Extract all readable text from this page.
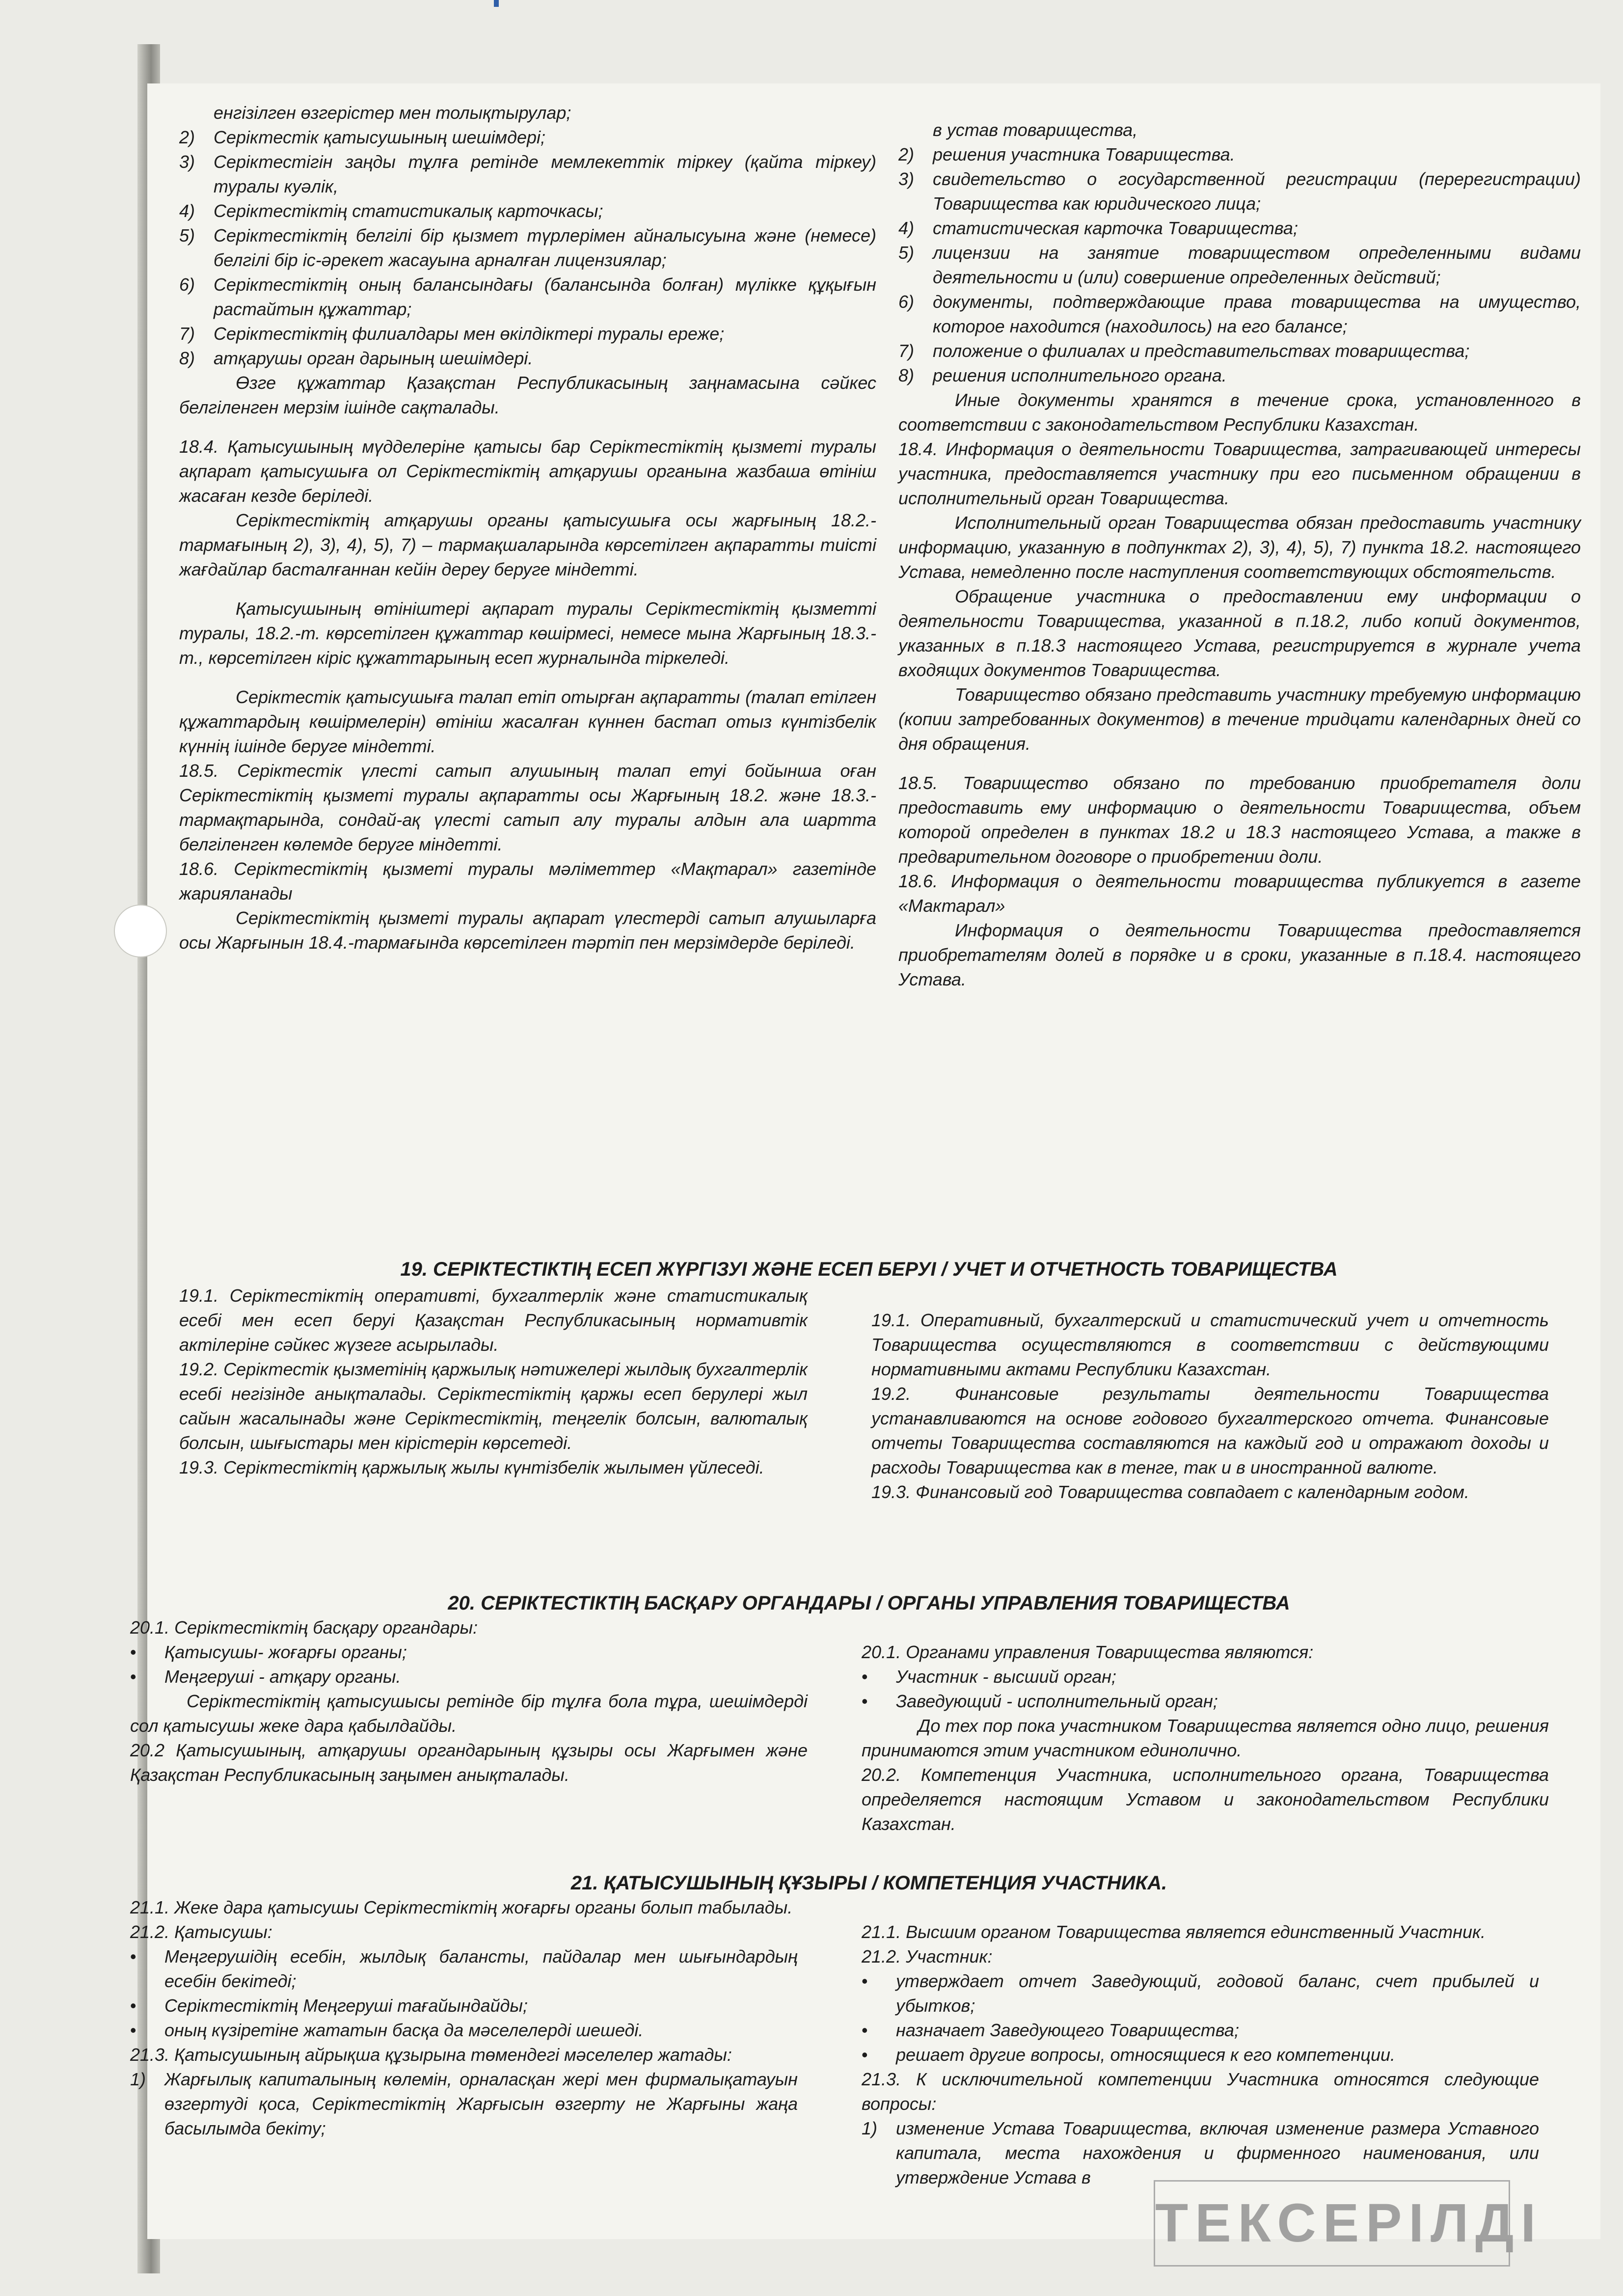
енгізілген өзгерістер мен толықтырулар;
2)	Серіктестік қатысушының шешімдері;
3)	Серіктестігін заңды тұлға ретінде мемлекеттік тіркеу (қайта тіркеу) туралы куәлік,
4)	Серіктестіктің статистикалық карточкасы;
5)	Серіктестіктің белгілі бір қызмет түрлерімен айналысуына және (немесе) белгілі бір іс-әрекет жасауына арналған лицензиялар;
6)	Серіктестіктің оның балансындағы (балансында болған) мүлікке құқығын растайтын құжаттар;
7)	Серіктестіктің филиалдары мен өкілдіктері туралы ереже;
8)	атқарушы орган дарының шешімдері.

Өзге құжаттар Қазақстан Республикасының заңнамасына сәйкес белгіленген мерзім ішінде сақталады.

18.4. Қатысушының мүдделеріне қатысы бар Серіктестіктің қызметі туралы ақпарат қатысушыға ол Серіктестіктің атқарушы органына жазбаша өтініш жасаған кезде беріледі.

Серіктестіктің атқарушы органы қатысушыға осы жарғының 18.2.- тармағының 2), 3), 4), 5), 7) – тармақшаларында көрсетілген ақпаратты тиісті жағдайлар басталғаннан кейін дереу беруге міндетті.

Қатысушының өтініштері ақпарат туралы Серіктестіктің қызметті туралы, 18.2.-т. көрсетілген құжаттар көшірмесі, немесе мына Жарғының 18.3.-т., көрсетілген кіріс құжаттарының есеп журналында тіркеледі.

Серіктестік қатысушыға талап етіп отырған ақпаратты (талап етілген құжаттардың көшірмелерін) өтініш жасалған күннен бастап отыз күнтізбелік күннің ішінде беруге міндетті.

18.5. Серіктестік үлесті сатып алушының талап етуі бойынша оған Серіктестіктің қызметі туралы ақпаратты осы Жарғының 18.2. және 18.3.-тармақтарында, сондай-ақ үлесті сатып алу туралы алдын ала шартта белгіленген көлемде беруге міндетті.

18.6. Серіктестіктің қызметі туралы мәліметтер «Мақтарал» газетінде жарияланады

Серіктестіктің қызметі туралы ақпарат үлестерді сатып алушыларға осы Жарғынын 18.4.-тармағында көрсетілген тәртіп пен мерзімдерде беріледі.

в устав товарищества,
2)	решения участника Товарищества.
3)	свидетельство о государственной регистрации (перерегистрации) Товарищества как юридического лица;
4)	статистическая карточка Товарищества;
5)	лицензии на занятие товариществом определенными видами деятельности и (или) совершение определенных действий;
6)	документы, подтверждающие права товарищества на имущество, которое находится (находилось) на его балансе;
7)	положение о филиалах и представительствах товарищества;
8)	решения исполнительного органа.

Иные документы хранятся в течение срока, установленного в соответствии с законодательством Республики Казахстан.

18.4. Информация о деятельности Товарищества, затрагивающей интересы участника, предоставляется участнику при его письменном обращении в исполнительный орган Товарищества.

Исполнительный орган Товарищества обязан предоставить участнику информацию, указанную в подпунктах 2), 3), 4), 5), 7) пункта 18.2. настоящего Устава, немедленно после наступления соответствующих обстоятельств.

Обращение участника о предоставлении ему информации о деятельности Товарищества, указанной в п.18.2, либо копий документов, указанных в п.18.3 настоящего Устава, регистрируется в журнале учета входящих документов Товарищества.

Товарищество обязано представить участнику требуемую информацию (копии затребованных документов) в течение тридцати календарных дней со дня обращения.

18.5. Товарищество обязано по требованию приобретателя доли предоставить ему информацию о деятельности Товарищества, объем которой определен в пунктах 18.2 и 18.3 настоящего Устава, а также в предварительном договоре о приобретении доли.

18.6. Информация о деятельности товарищества публикуется в газете «Мактарал»

Информация о деятельности Товарищества предоставляется приобретателям долей в порядке и в сроки, указанные в п.18.4. настоящего Устава.

19. СЕРІКТЕСТІКТІҢ ЕСЕП ЖҮРГІЗУІ ЖӘНЕ ЕСЕП БЕРУІ / УЧЕТ И ОТЧЕТНОСТЬ ТОВАРИЩЕСТВА

19.1. Серіктестіктің оперативті, бухгалтерлік және статистикалық есебі мен есеп беруі Қазақстан Республикасының нормативтік актілеріне сәйкес жүзеге асырылады.

19.2. Серіктестік қызметінің қаржылық нәтижелері жылдық бухгалтерлік есебі негізінде анықталады. Серіктестіктің қаржы есеп берулері жыл сайын жасалынады және Серіктестіктің, теңгелік болсын, валюталық болсын, шығыстары мен кірістерін көрсетеді.

19.3. Серіктестіктің қаржылық жылы күнтізбелік жылымен үйлеседі.

19.1. Оперативный, бухгалтерский и статистический учет и отчетность Товарищества осуществляются в соответствии с действующими нормативными актами Республики Казахстан.

19.2. Финансовые результаты деятельности Товарищества устанавливаются на основе годового бухгалтерского отчета. Финансовые отчеты Товарищества составляются на каждый год и отражают доходы и расходы Товарищества как в тенге, так и в иностранной валюте.

19.3. Финансовый год Товарищества совпадает с календарным годом.

20. СЕРІКТЕСТІКТІҢ БАСҚАРУ ОРГАНДАРЫ / ОРГАНЫ УПРАВЛЕНИЯ ТОВАРИЩЕСТВА

20.1. Серіктестіктің басқару органдары:

•	Қатысушы- жоғарғы органы;
•	Меңгеруші - атқару органы.

Серіктестіктің қатысушысы ретінде бір тұлға бола тұра, шешімдерді сол қатысушы жеке дара қабылдайды.

20.2 Қатысушының, атқарушы органдарының құзыры осы Жарғымен және Қазақстан Республикасының заңымен анықталады.

20.1. Органами управления Товарищества являются:

•	Участник - высший орган;
•	Заведующий - исполнительный орган;

До тех пор пока участником Товарищества является одно лицо, решения принимаются этим участником единолично.

20.2. Компетенция Участника, исполнительного органа, Товарищества определяется настоящим Уставом и законодательством Республики Казахстан.

21. ҚАТЫСУШЫНЫҢ ҚҰЗЫРЫ / КОМПЕТЕНЦИЯ УЧАСТНИКА.

21.1. Жеке дара қатысушы Серіктестіктің жоғарғы органы болып табылады.

21.2. Қатысушы:

•	Меңгерушідің есебін, жылдық балансты, пайдалар мен шығындардың есебін бекітеді;
•	Серіктестіктің Меңгеруші тағайындайды;
•	оның күзіретіне жататын басқа да мәселелерді шешеді.

21.3. Қатысушының айрықша құзырына төмендегі мәселелер жатады:

1)	Жарғылық капиталының көлемін, орналасқан жері мен фирмалықатауын өзгертуді қоса, Серіктестіктің Жарғысын өзгерту не Жарғыны жаңа басылымда бекіту;

21.1. Высшим органом Товарищества является единственный Участник.

21.2. Участник:

•	утверждает отчет Заведующий, годовой баланс, счет прибылей и убытков;
•	назначает Заведующего Товарищества;
•	решает другие вопросы, относящиеся к его компетенции.

21.3. К исключительной компетенции Участника относятся следующие вопросы:

1)	изменение Устава Товарищества, включая изменение размера Уставного капитала, места нахождения и фирменного наименования, или утверждение Устава в
ТЕКСЕРІЛДІ
